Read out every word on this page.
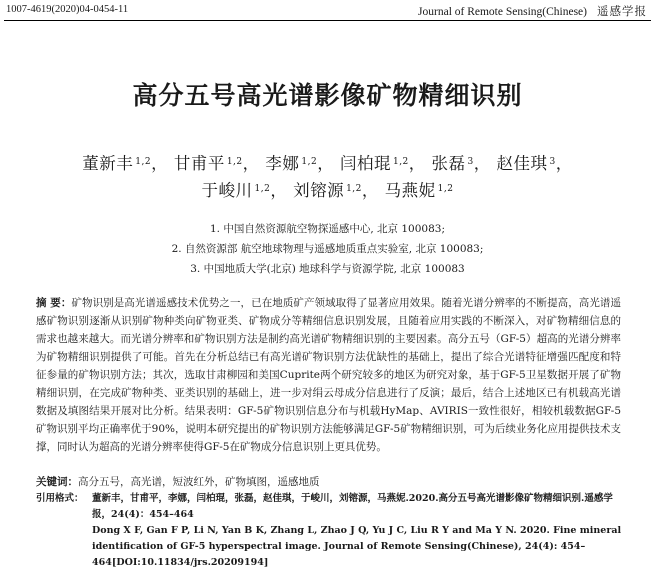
1007-4619(2020)04-0454-11	Journal of Remote Sensing(Chinese) 遥感学报
高分五号高光谱影像矿物精细识别
董新丰 $^{1,2}$， 甘甫平 $^{1,2}$， 李娜 $^{1,2}$， 闫柏琨 $^{1,2}$， 张磊 $^3$， 赵佳琪 $^3$，
于峻川 $^{1,2}$， 刘镕源 $^{1,2}$， 马燕妮 $^{1,2}$
1. 中国自然资源航空物探遥感中心, 北京 100083;
2. 自然资源部 航空地球物理与遥感地质重点实验室, 北京 100083;
3. 中国地质大学(北京) 地球科学与资源学院, 北京 100083
摘 要：矿物识别是高光谱遥感技术优势之一，已在地质矿产领域取得了显著应用效果。随着光谱分辨率的不断提高，高光谱遥感矿物识别逐渐从识别矿物种类向矿物亚类、矿物成分等精细信息识别发展，且随着应用实践的不断深入，对矿物精细信息的需求也越来越大。而光谱分辨率和矿物识别方法是制约高光谱矿物精细识别的主要因素。高分五号（GF-5）超高的光谱分辨率为矿物精细识别提供了可能。首先在分析总结已有高光谱矿物识别方法优缺性的基础上，提出了综合光谱特征增强匹配度和特征参量的矿物识别方法；其次，选取甘肃柳园和美国Cuprite两个研究较多的地区为研究对象，基于GF-5卫星数据开展了矿物精细识别，在完成矿物种类、亚类识别的基础上，进一步对绢云母成分信息进行了反演；最后，结合上述地区已有机载高光谱数据及填图结果开展对比分析。结果表明：GF-5矿物识别信息分布与机载HyMap、AVIRIS一致性很好，相较机载数据GF-5矿物识别平均正确率优于90%，说明本研究提出的矿物识别方法能够满足GF-5矿物精细识别，可为后续业务化应用提供技术支撑，同时认为超高的光谱分辨率使得GF-5在矿物成分信息识别上更具优势。
关键词：高分五号，高光谱，短波红外，矿物填图，遥感地质
引用格式： 董新丰，甘甫平，李娜，闫柏琨，张磊，赵佳琪，于峻川，刘镕源，马燕妮.2020.高分五号高光谱影像矿物精细识别.遥感学报，24(4)：454–464
Dong X F, Gan F P, Li N, Yan B K, Zhang L, Zhao J Q, Yu J C, Liu R Y and Ma Y N. 2020. Fine mineral identification of GF-5 hyperspectral image. Journal of Remote Sensing(Chinese), 24(4): 454–464[DOI:10.11834/jrs.20209194]
